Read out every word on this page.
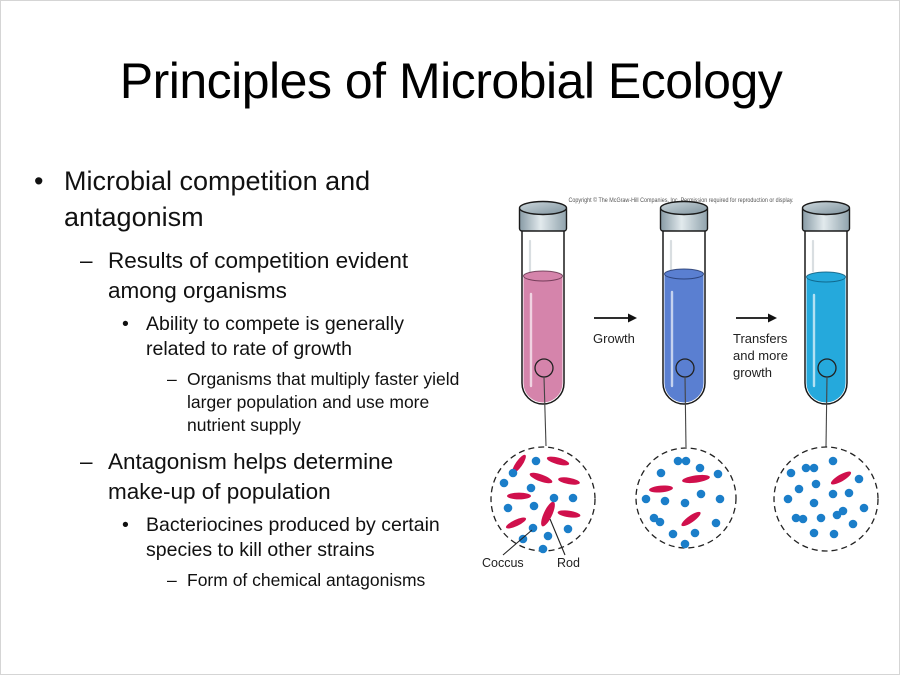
Principles of Microbial Ecology
• Microbial competition and antagonism
– Results of competition evident among organisms
• Ability to compete is generally related to rate of growth
– Organisms that multiply faster yield larger population and use more nutrient supply
– Antagonism helps determine make-up of population
• Bacteriocines produced by certain species to kill other strains
– Form of chemical antagonisms
Copyright © The McGraw-Hill Companies, Inc. Permission required for reproduction or display.
Growth	Transfers and more growth
Coccus	Rod
